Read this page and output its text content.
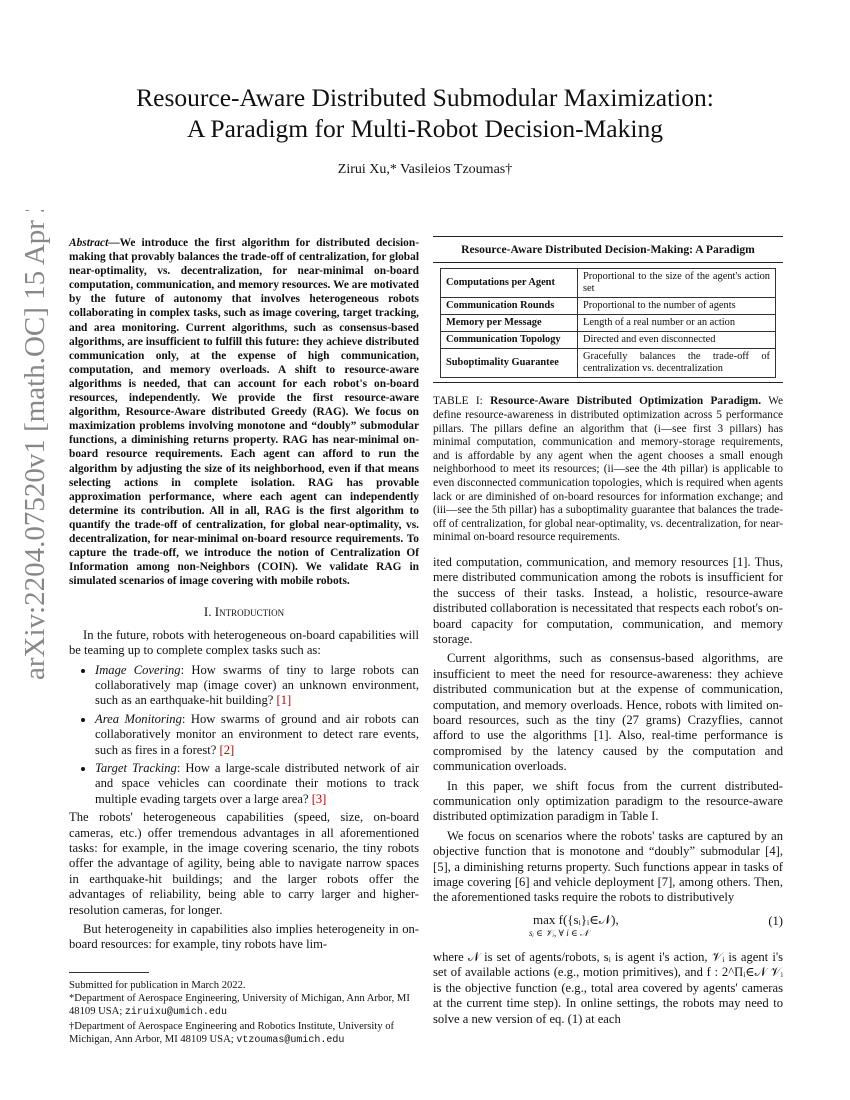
arXiv:2204.07520v1 [math.OC] 15 Apr 2022
Resource-Aware Distributed Submodular Maximization:
A Paradigm for Multi-Robot Decision-Making
Zirui Xu,* Vasileios Tzoumas†
Abstract—We introduce the first algorithm for distributed decision-making that provably balances the trade-off of centralization, for global near-optimality, vs. decentralization, for near-minimal on-board computation, communication, and memory resources. We are motivated by the future of autonomy that involves heterogeneous robots collaborating in complex tasks, such as image covering, target tracking, and area monitoring. Current algorithms, such as consensus-based algorithms, are insufficient to fulfill this future: they achieve distributed communication only, at the expense of high communication, computation, and memory overloads. A shift to resource-aware algorithms is needed, that can account for each robot's on-board resources, independently. We provide the first resource-aware algorithm, Resource-Aware distributed Greedy (RAG). We focus on maximization problems involving monotone and “doubly” submodular functions, a diminishing returns property. RAG has near-minimal on-board resource requirements. Each agent can afford to run the algorithm by adjusting the size of its neighborhood, even if that means selecting actions in complete isolation. RAG has provable approximation performance, where each agent can independently determine its contribution. All in all, RAG is the first algorithm to quantify the trade-off of centralization, for global near-optimality, vs. decentralization, for near-minimal on-board resource requirements. To capture the trade-off, we introduce the notion of Centralization Of Information among non-Neighbors (COIN). We validate RAG in simulated scenarios of image covering with mobile robots.
I. Introduction

In the future, robots with heterogeneous on-board capabilities will be teaming up to complete complex tasks such as:

• Image Covering: How swarms of tiny to large robots can collaboratively map (image cover) an unknown environment, such as an earthquake-hit building? [1]
• Area Monitoring: How swarms of ground and air robots can collaboratively monitor an environment to detect rare events, such as fires in a forest? [2]
• Target Tracking: How a large-scale distributed network of air and space vehicles can coordinate their motions to track multiple evading targets over a large area? [3]

The robots' heterogeneous capabilities (speed, size, on-board cameras, etc.) offer tremendous advantages in all aforementioned tasks: for example, in the image covering scenario, the tiny robots offer the advantage of agility, being able to navigate narrow spaces in earthquake-hit buildings; and the larger robots offer the advantages of reliability, being able to carry larger and higher-resolution cameras, for longer.

But heterogeneity in capabilities also implies heterogeneity in on-board resources: for example, tiny robots have lim-

Submitted for publication in March 2022.
*Department of Aerospace Engineering, University of Michigan, Ann Arbor, MI 48109 USA; ziruixu@umich.edu
†Department of Aerospace Engineering and Robotics Institute, University of Michigan, Ann Arbor, MI 48109 USA; vtzoumas@umich.edu
Resource-Aware Distributed Decision-Making: A Paradigm
Computations per Agent	Proportional to the size of the agent's action set
Communication Rounds	Proportional to the number of agents
Memory per Message	Length of a real number or an action
Communication Topology	Directed and even disconnected
Suboptimality Guarantee	Gracefully balances the trade-off of centralization vs. decentralization
TABLE I: Resource-Aware Distributed Optimization Paradigm. We define resource-awareness in distributed optimization across 5 performance pillars. The pillars define an algorithm that (i—see first 3 pillars) has minimal computation, communication and memory-storage requirements, and is affordable by any agent when the agent chooses a small enough neighborhood to meet its resources; (ii—see the 4th pillar) is applicable to even disconnected communication topologies, which is required when agents lack or are diminished of on-board resources for information exchange; and (iii—see the 5th pillar) has a suboptimality guarantee that balances the trade-off of centralization, for global near-optimality, vs. decentralization, for near-minimal on-board resource requirements.

ited computation, communication, and memory resources [1]. Thus, mere distributed communication among the robots is insufficient for the success of their tasks. Instead, a holistic, resource-aware distributed collaboration is necessitated that respects each robot's on-board capacity for computation, communication, and memory storage.

Current algorithms, such as consensus-based algorithms, are insufficient to meet the need for resource-awareness: they achieve distributed communication but at the expense of communication, computation, and memory overloads. Hence, robots with limited on-board resources, such as the tiny (27 grams) Crazyflies, cannot afford to use the algorithms [1]. Also, real-time performance is compromised by the latency caused by the computation and communication overloads.

In this paper, we shift focus from the current distributed-communication only optimization paradigm to the resource-aware distributed optimization paradigm in Table I.

We focus on scenarios where the robots' tasks are captured by an objective function that is monotone and “doubly” submodular [4], [5], a diminishing returns property. Such functions appear in tasks of image covering [6] and vehicle deployment [7], among others. Then, the aforementioned tasks require the robots to distributively

max f({sᵢ}ᵢ∈𝒩),
sᵢ ∈ 𝒱ᵢ, ∀ i ∈ 𝒩
(1)

where 𝒩 is set of agents/robots, sᵢ is agent i's action, 𝒱ᵢ is agent i's set of available actions (e.g., motion primitives), and f : 2^Πᵢ∈𝒩 𝒱ᵢ is the objective function (e.g., total area covered by agents' cameras at the current time step). In online settings, the robots may need to solve a new version of eq. (1) at each
